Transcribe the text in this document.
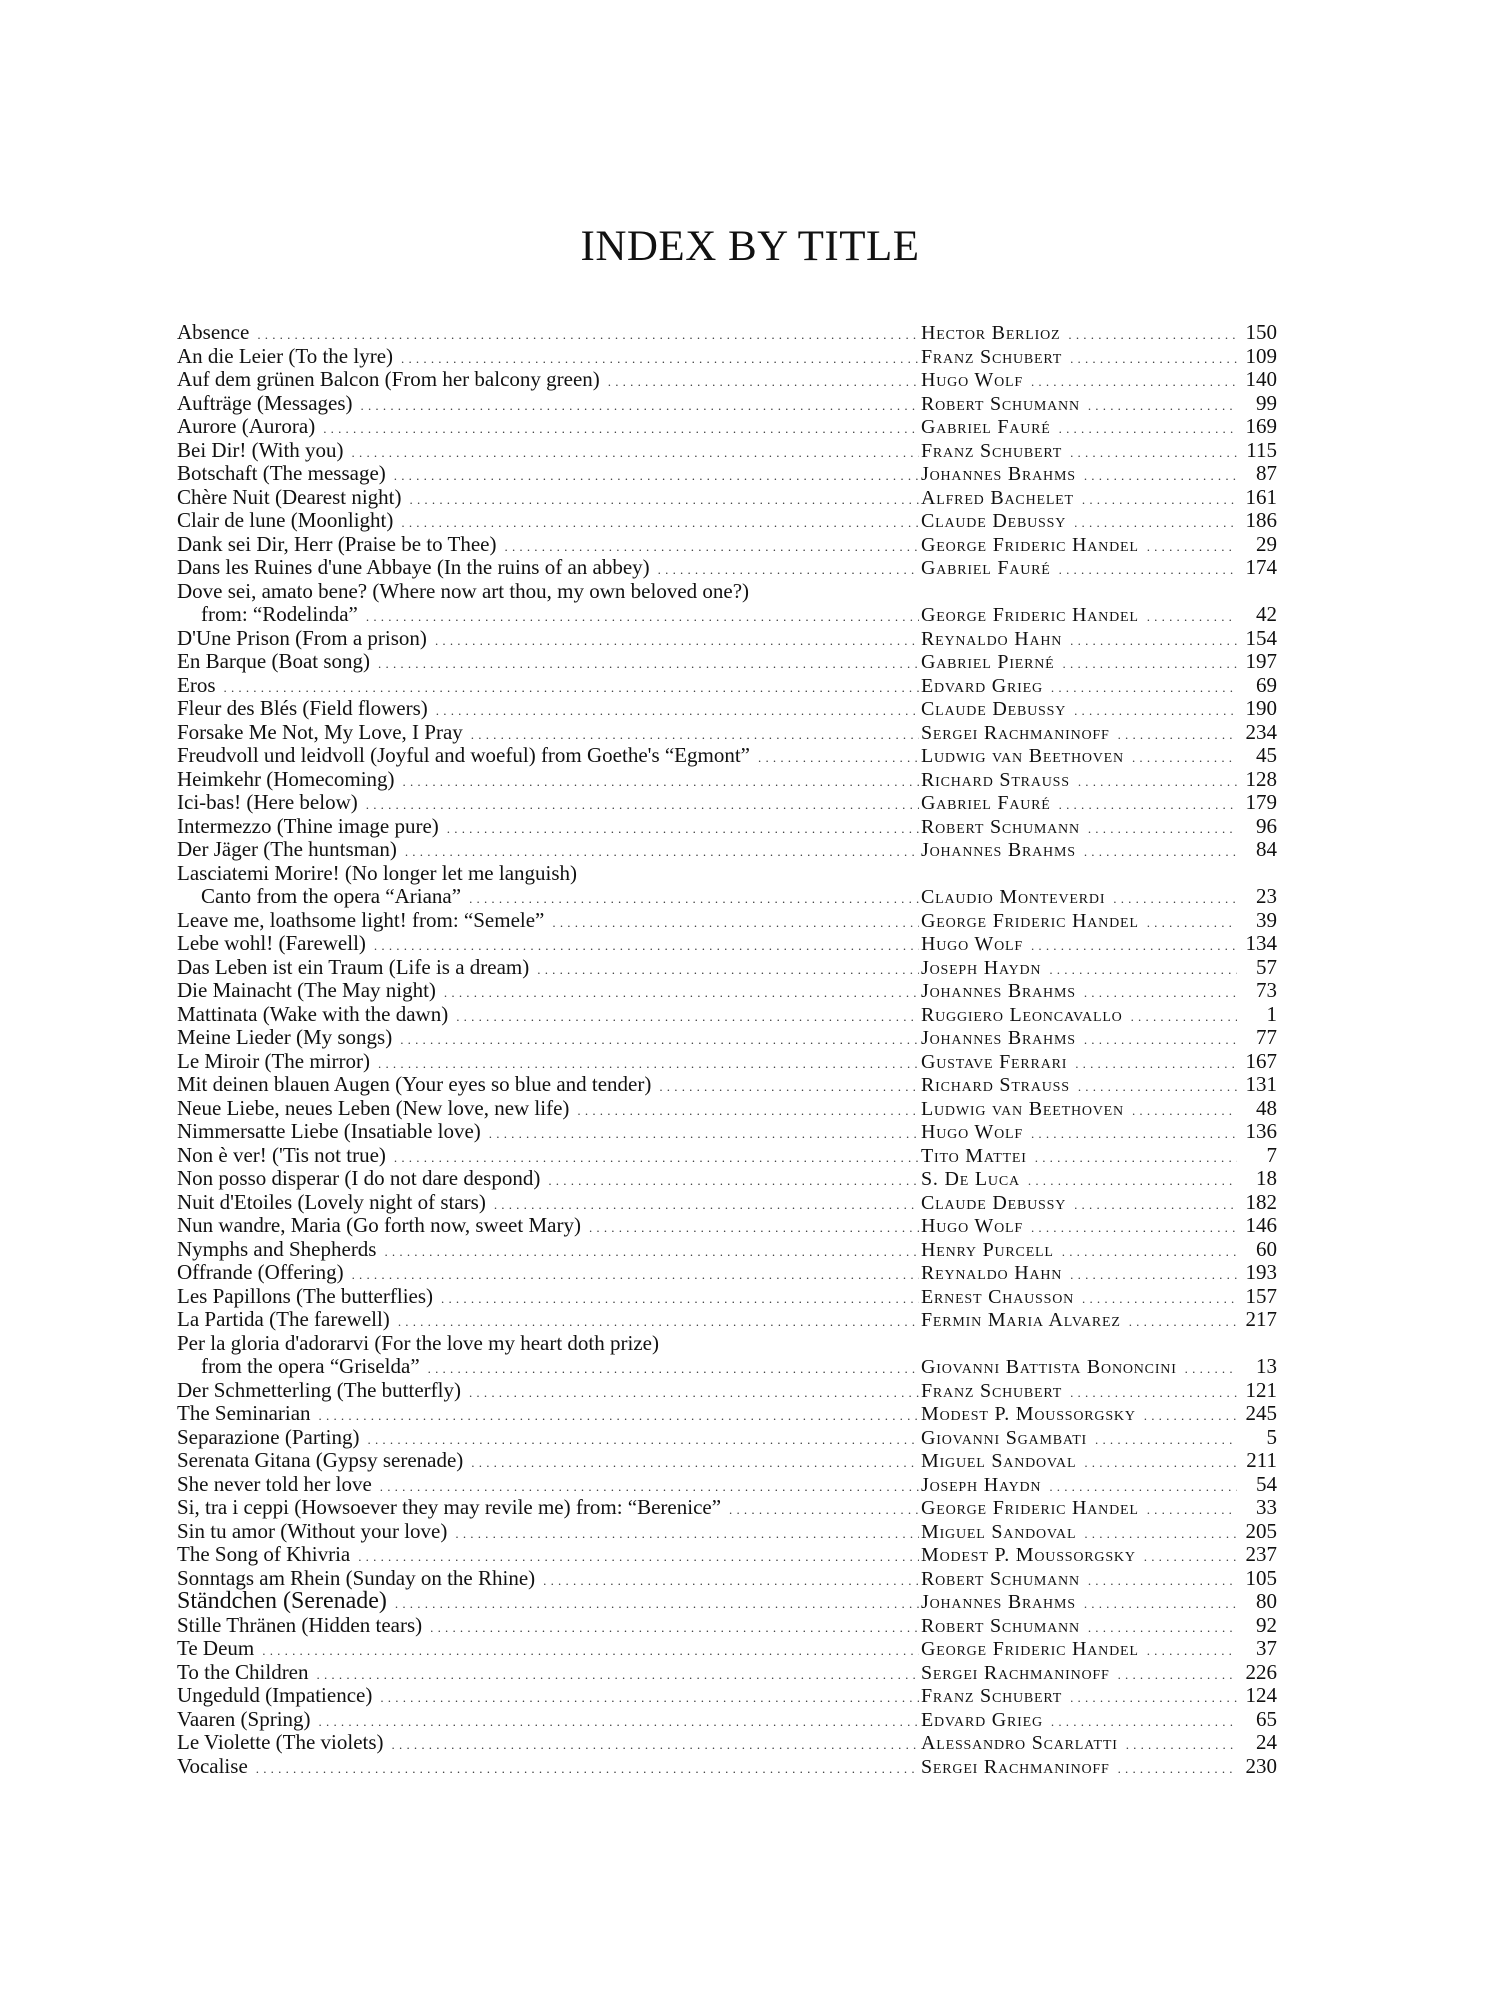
INDEX BY TITLE
Absence .....	Hector Berlioz .....	150
An die Leier (To the lyre) .....	Franz Schubert .....	109
Auf dem grünen Balcon (From her balcony green) .....	Hugo Wolf .....	140
Aufträge (Messages) .....	Robert Schumann .....	99
Aurore (Aurora) .....	Gabriel Fauré .....	169
Bei Dir! (With you) .....	Franz Schubert .....	115
Botschaft (The message) .....	Johannes Brahms .....	87
Chère Nuit (Dearest night) .....	Alfred Bachelet .....	161
Clair de lune (Moonlight) .....	Claude Debussy .....	186
Dank sei Dir, Herr (Praise be to Thee) .....	George Frideric Handel .....	29
Dans les Ruines d'une Abbaye (In the ruins of an abbey) .....	Gabriel Fauré .....	174
Dove sei, amato bene? (Where now art thou, my own beloved one?)
from: “Rodelinda” .....	George Frideric Handel .....	42
D'Une Prison (From a prison) .....	Reynaldo Hahn .....	154
En Barque (Boat song) .....	Gabriel Pierné .....	197
Eros .....	Edvard Grieg .....	69
Fleur des Blés (Field flowers) .....	Claude Debussy .....	190
Forsake Me Not, My Love, I Pray .....	Sergei Rachmaninoff .....	234
Freudvoll und leidvoll (Joyful and woeful) from Goethe's “Egmont” .....	Ludwig van Beethoven .....	45
Heimkehr (Homecoming) .....	Richard Strauss .....	128
Ici-bas! (Here below) .....	Gabriel Fauré .....	179
Intermezzo (Thine image pure) .....	Robert Schumann .....	96
Der Jäger (The huntsman) .....	Johannes Brahms .....	84
Lasciatemi Morire! (No longer let me languish)
Canto from the opera “Ariana” .....	Claudio Monteverdi .....	23
Leave me, loathsome light! from: “Semele” .....	George Frideric Handel .....	39
Lebe wohl! (Farewell) .....	Hugo Wolf .....	134
Das Leben ist ein Traum (Life is a dream) .....	Joseph Haydn .....	57
Die Mainacht (The May night) .....	Johannes Brahms .....	73
Mattinata (Wake with the dawn) .....	Ruggiero Leoncavallo .....	1
Meine Lieder (My songs) .....	Johannes Brahms .....	77
Le Miroir (The mirror) .....	Gustave Ferrari .....	167
Mit deinen blauen Augen (Your eyes so blue and tender) .....	Richard Strauss .....	131
Neue Liebe, neues Leben (New love, new life) .....	Ludwig van Beethoven .....	48
Nimmersatte Liebe (Insatiable love) .....	Hugo Wolf .....	136
Non è ver! ('Tis not true) .....	Tito Mattei .....	7
Non posso disperar (I do not dare despond) .....	S. De Luca .....	18
Nuit d'Etoiles (Lovely night of stars) .....	Claude Debussy .....	182
Nun wandre, Maria (Go forth now, sweet Mary) .....	Hugo Wolf .....	146
Nymphs and Shepherds .....	Henry Purcell .....	60
Offrande (Offering) .....	Reynaldo Hahn .....	193
Les Papillons (The butterflies) .....	Ernest Chausson .....	157
La Partida (The farewell) .....	Fermin Maria Alvarez .....	217
Per la gloria d'adorarvi (For the love my heart doth prize)
from the opera “Griselda” .....	Giovanni Battista Bononcini .....	13
Der Schmetterling (The butterfly) .....	Franz Schubert .....	121
The Seminarian .....	Modest P. Moussorgsky .....	245
Separazione (Parting) .....	Giovanni Sgambati .....	5
Serenata Gitana (Gypsy serenade) .....	Miguel Sandoval .....	211
She never told her love .....	Joseph Haydn .....	54
Si, tra i ceppi (Howsoever they may revile me) from: “Berenice” .....	George Frideric Handel .....	33
Sin tu amor (Without your love) .....	Miguel Sandoval .....	205
The Song of Khivria .....	Modest P. Moussorgsky .....	237
Sonntags am Rhein (Sunday on the Rhine) .....	Robert Schumann .....	105
Ständchen (Serenade) .....	Johannes Brahms .....	80
Stille Thränen (Hidden tears) .....	Robert Schumann .....	92
Te Deum .....	George Frideric Handel .....	37
To the Children .....	Sergei Rachmaninoff .....	226
Ungeduld (Impatience) .....	Franz Schubert .....	124
Vaaren (Spring) .....	Edvard Grieg .....	65
Le Violette (The violets) .....	Alessandro Scarlatti .....	24
Vocalise .....	Sergei Rachmaninoff .....	230
